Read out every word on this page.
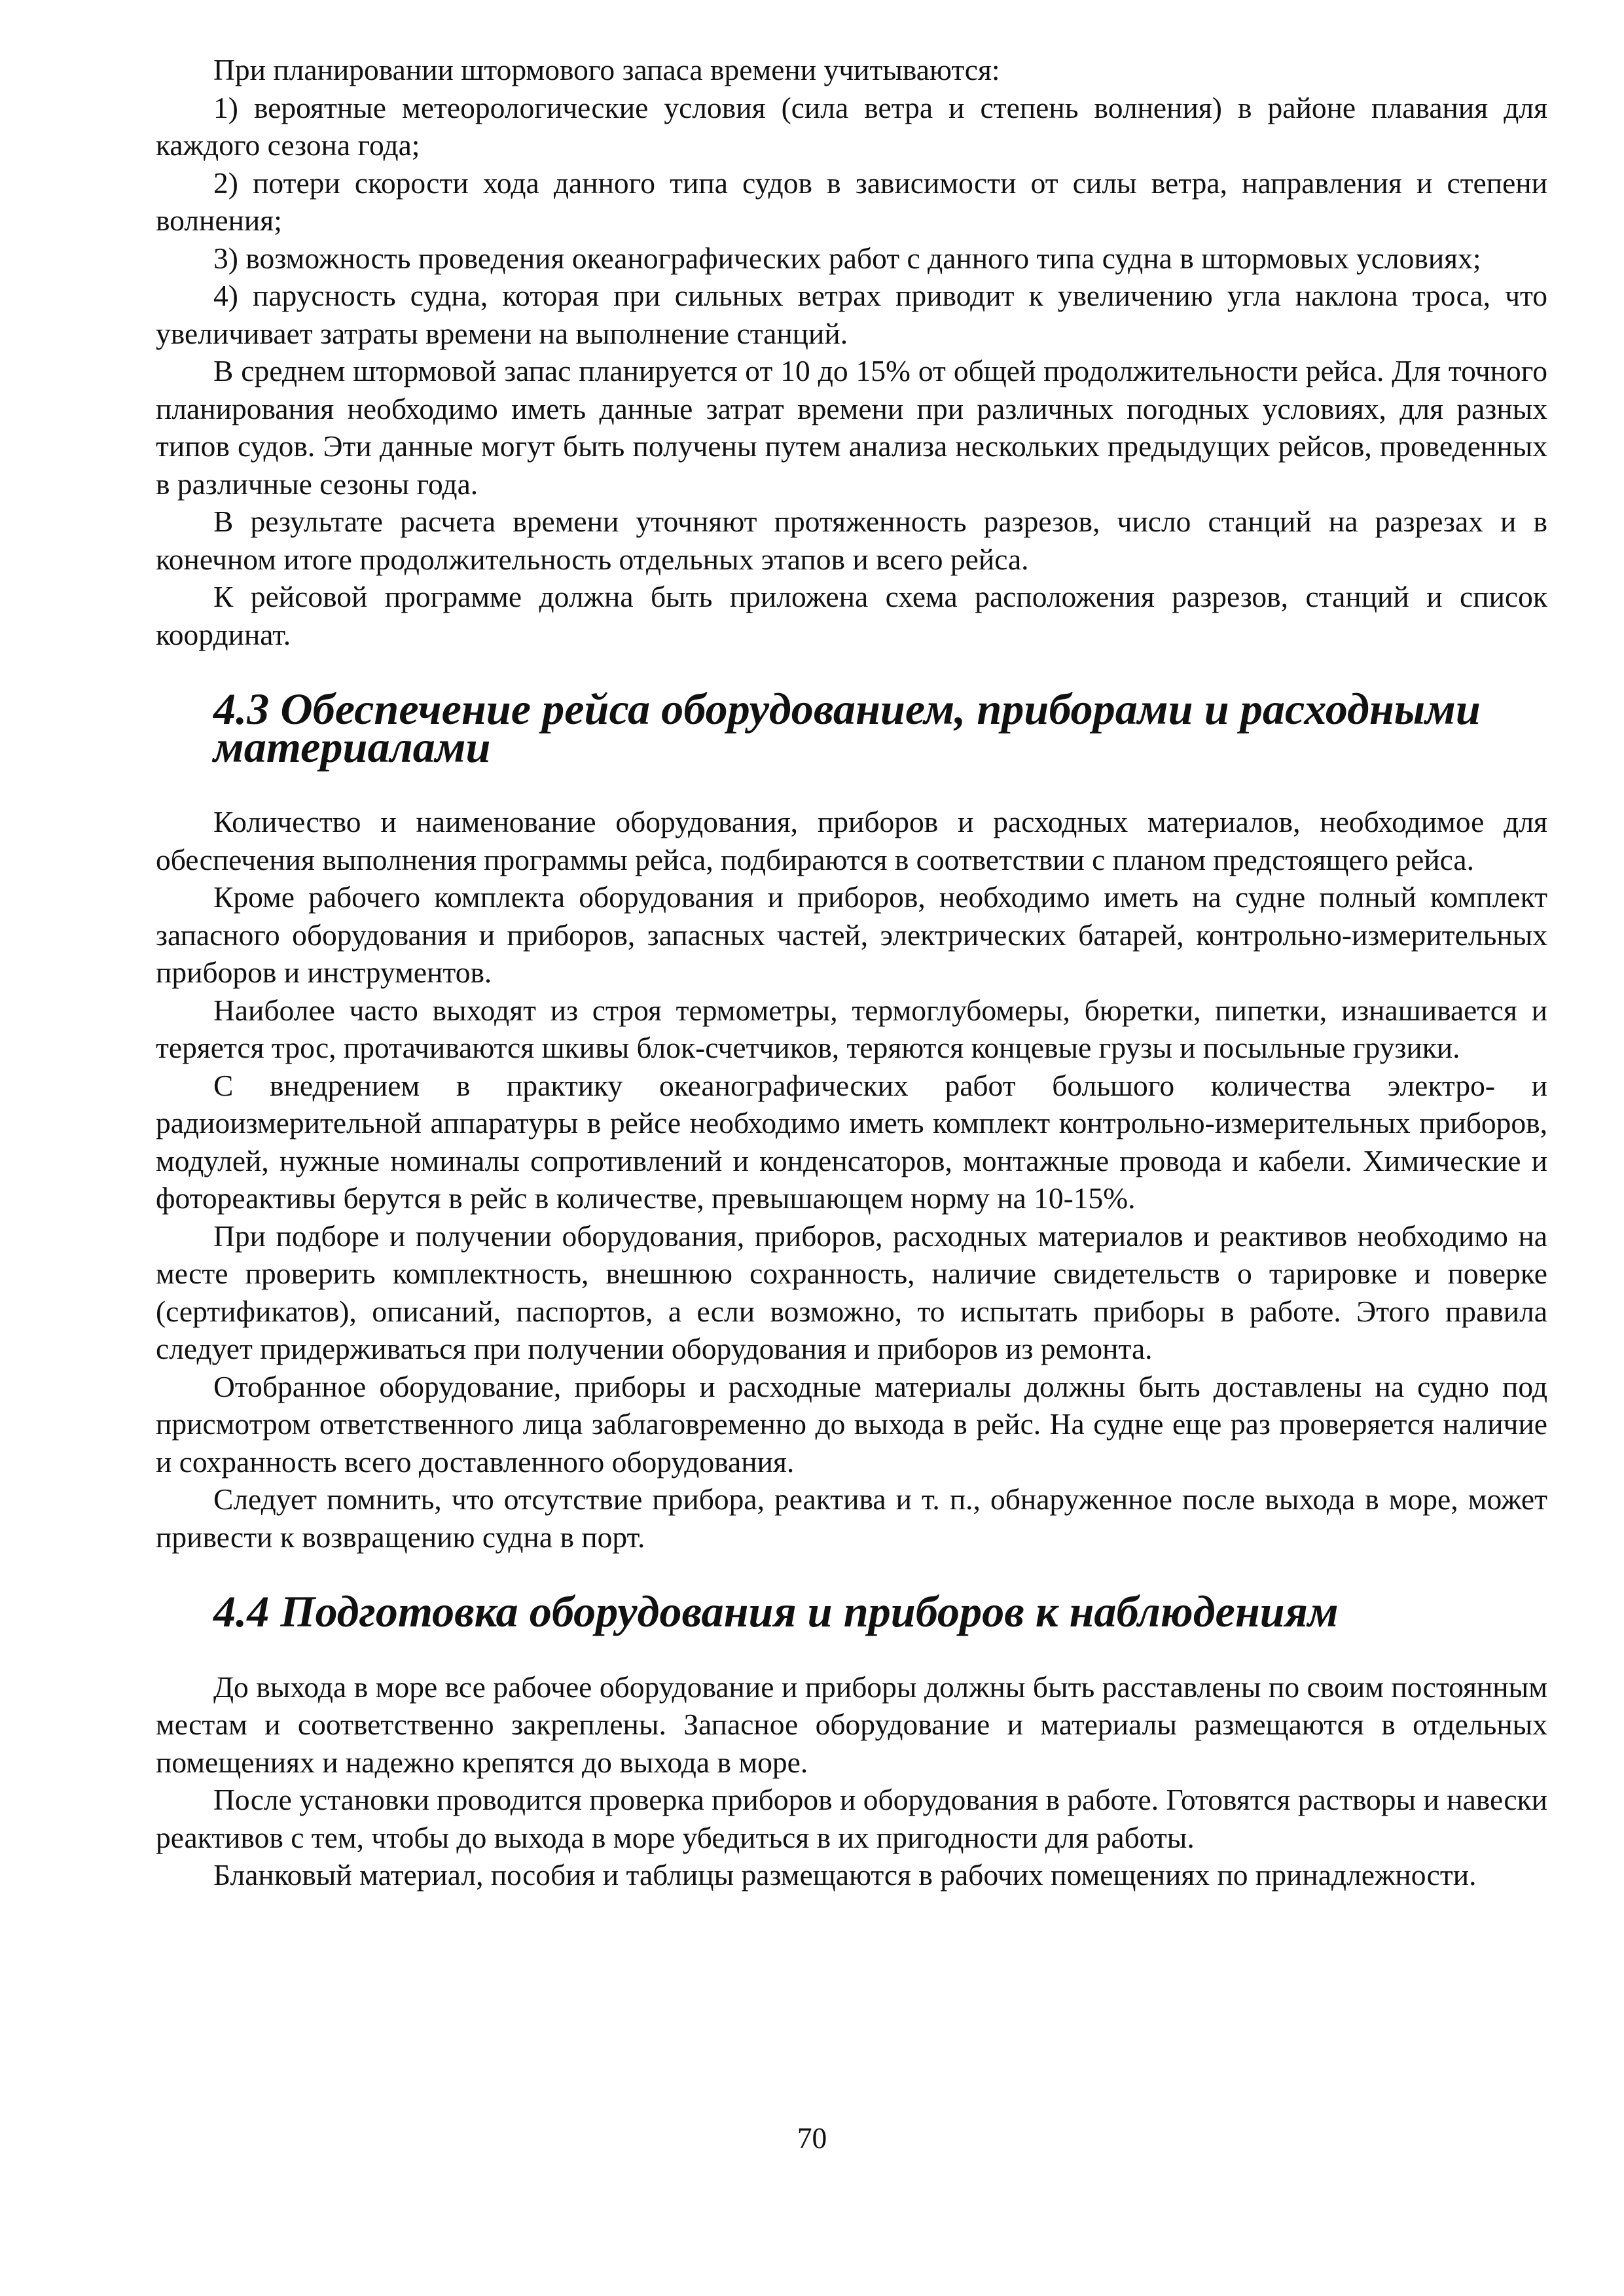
При планировании штормового запаса времени учитываются:

1) вероятные метеорологические условия (сила ветра и степень волнения) в районе плавания для каждого сезона года;

2) потери скорости хода данного типа судов в зависимости от силы ветра, направления и степени волнения;

3) возможность проведения океанографических работ с данного типа судна в штормовых условиях;

4) парусность судна, которая при сильных ветрах приводит к увеличению угла наклона троса, что увеличивает затраты времени на выполнение станций.

В среднем штормовой запас планируется от 10 до 15% от общей продолжительности рейса. Для точного планирования необходимо иметь данные затрат времени при различных погодных условиях, для разных типов судов. Эти данные могут быть получены путем анализа нескольких предыдущих рейсов, проведенных в различные сезоны года.

В результате расчета времени уточняют протяженность разрезов, число станций на разрезах и в конечном итоге продолжительность отдельных этапов и всего рейса.

К рейсовой программе должна быть приложена схема расположения разрезов, станций и список координат.

4.3 Обеспечение рейса оборудованием, приборами и расходными материалами

Количество и наименование оборудования, приборов и расходных материалов, необходимое для обеспечения выполнения программы рейса, подбираются в соответствии с планом предстоящего рейса.

Кроме рабочего комплекта оборудования и приборов, необходимо иметь на судне полный комплект запасного оборудования и приборов, запасных частей, электрических батарей, контрольно-измерительных приборов и инструментов.

Наиболее часто выходят из строя термометры, термоглубомеры, бюретки, пипетки, изнашивается и теряется трос, протачиваются шкивы блок-счетчиков, теряются концевые грузы и посыльные грузики.

С внедрением в практику океанографических работ большого количества электро- и радиоизмерительной аппаратуры в рейсе необходимо иметь комплект контрольно-измерительных приборов, модулей, нужные номиналы сопротивлений и конденсаторов, монтажные провода и кабели. Химические и фотореактивы берутся в рейс в количестве, превышающем норму на 10-15%.

При подборе и получении оборудования, приборов, расходных материалов и реактивов необходимо на месте проверить комплектность, внешнюю сохранность, наличие свидетельств о тарировке и поверке (сертификатов), описаний, паспортов, а если возможно, то испытать приборы в работе. Этого правила следует придерживаться при получении оборудования и приборов из ремонта.

Отобранное оборудование, приборы и расходные материалы должны быть доставлены на судно под присмотром ответственного лица заблаговременно до выхода в рейс. На судне еще раз проверяется наличие и сохранность всего доставленного оборудования.

Следует помнить, что отсутствие прибора, реактива и т. п., обнаруженное после выхода в море, может привести к возвращению судна в порт.

4.4 Подготовка оборудования и приборов к наблюдениям

До выхода в море все рабочее оборудование и приборы должны быть расставлены по своим постоянным местам и соответственно закреплены. Запасное оборудование и материалы размещаются в отдельных помещениях и надежно крепятся до выхода в море.

После установки проводится проверка приборов и оборудования в работе. Готовятся растворы и навески реактивов с тем, чтобы до выхода в море убедиться в их пригодности для работы.

Бланковый материал, пособия и таблицы размещаются в рабочих помещениях по принадлежности.

70
